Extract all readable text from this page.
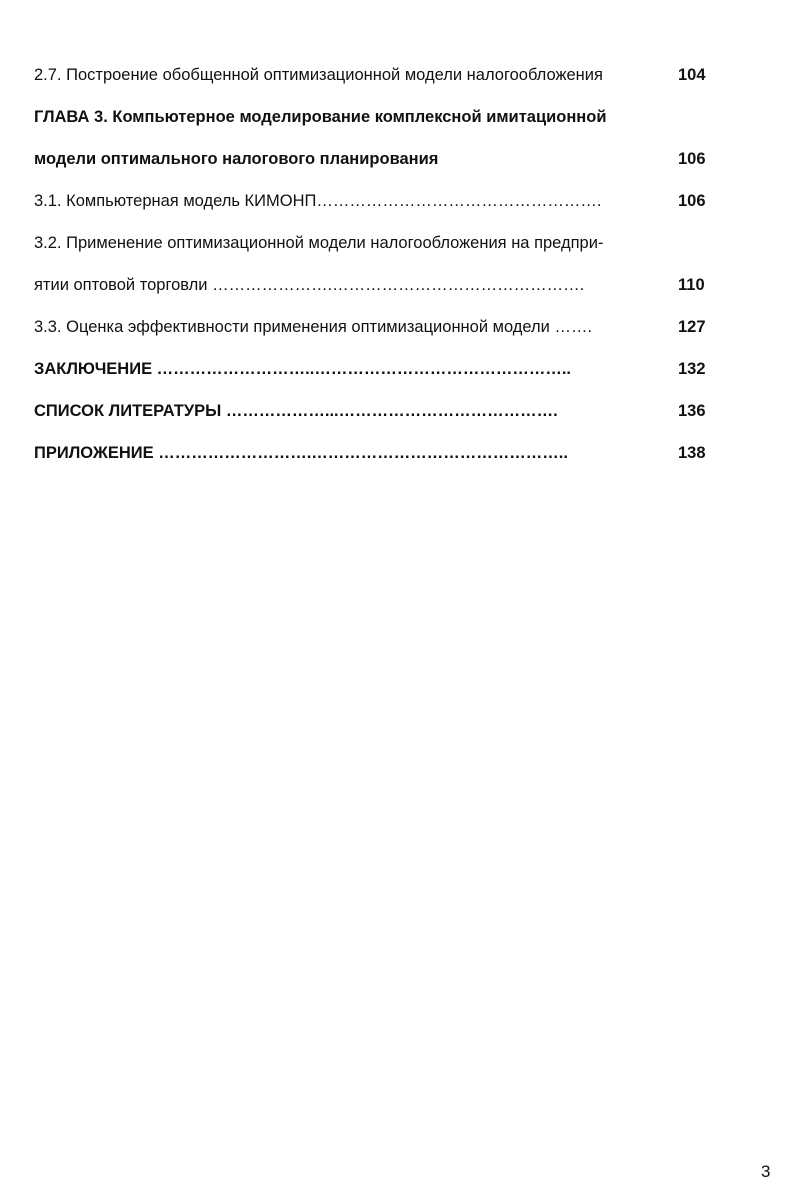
2.7. Построение обобщенной оптимизационной модели налогообложения	104
ГЛАВА 3. Компьютерное моделирование комплексной имитационной
модели оптимального налогового планирования	106
3.1. Компьютерная модель КИМОНП…………………………………………….	106
3.2. Применение оптимизационной модели налогообложения на предпри-
ятии оптовой торговли ………………….……………………………………….	110
3.3. Оценка эффективности применения оптимизационной модели …….	127
ЗАКЛЮЧЕНИЕ ………………………..………………………………………..	132
СПИСОК ЛИТЕРАТУРЫ ………………...………………………………….	136
ПРИЛОЖЕНИЕ ……………………….………………………………………..	138
3
